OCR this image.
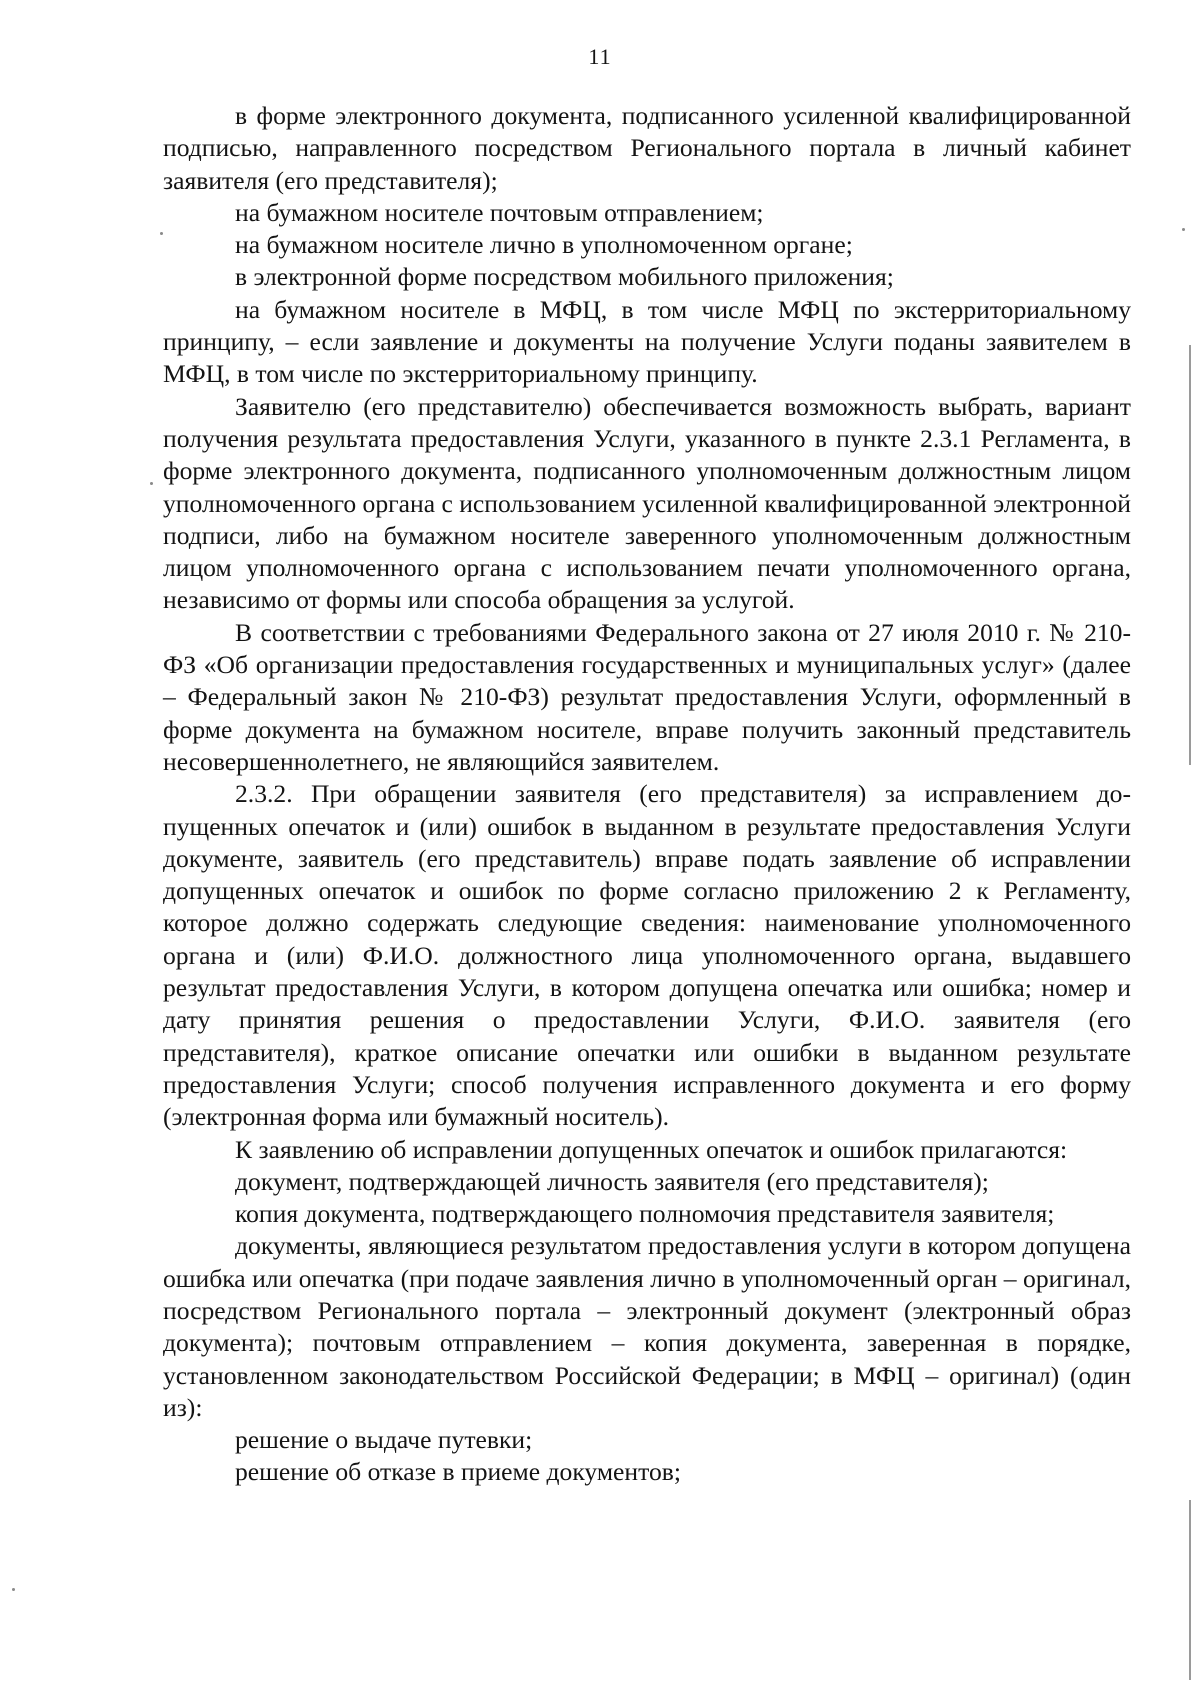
11

в форме электронного документа, подписанного усиленной квалифицированной подписью, направленного посредством Регионального портала в личный кабинет заявителя (его представителя);

на бумажном носителе почтовым отправлением;

на бумажном носителе лично в уполномоченном органе;

в электронной форме посредством мобильного приложения;

на бумажном носителе в МФЦ, в том числе МФЦ по экстерриториальному принципу, – если заявление и документы на получение Услуги поданы заявителем в МФЦ, в том числе по экстерриториальному принципу.

Заявителю (его представителю) обеспечивается возможность выбрать, вариант получения результата предоставления Услуги, указанного в пункте 2.3.1 Регламента, в форме электронного документа, подписанного уполномоченным должностным лицом уполномоченного органа с использованием усиленной квалифицированной электронной подписи, либо на бумажном носителе заверенного уполномоченным должностным лицом уполномоченного органа с использованием печати уполномоченного органа, независимо от формы или способа обращения за услугой.

В соответствии с требованиями Федерального закона от 27 июля 2010 г. № 210-ФЗ «Об организации предоставления государственных и муниципальных услуг» (далее – Федеральный закон № 210-ФЗ) результат предоставления Услуги, оформленный в форме документа на бумажном носителе, вправе получить законный представитель несовершеннолетнего, не являющийся заявителем.

2.3.2. При обращении заявителя (его представителя) за исправлением допущенных опечаток и (или) ошибок в выданном в результате предоставления Услуги документе, заявитель (его представитель) вправе подать заявление об исправлении допущенных опечаток и ошибок по форме согласно приложению 2 к Регламенту, которое должно содержать следующие сведения: наименование уполномоченного органа и (или) Ф.И.О. должностного лица уполномоченного органа, выдавшего результат предоставления Услуги, в котором допущена опечатка или ошибка; номер и дату принятия решения о предоставлении Услуги, Ф.И.О. заявителя (его представителя), краткое описание опечатки или ошибки в выданном результате предоставления Услуги; способ получения исправленного документа и его форму (электронная форма или бумажный носитель).

К заявлению об исправлении допущенных опечаток и ошибок прилагаются:

документ, подтверждающей личность заявителя (его представителя);

копия документа, подтверждающего полномочия представителя заявителя;

документы, являющиеся результатом предоставления услуги в котором допущена ошибка или опечатка (при подаче заявления лично в уполномоченный орган – оригинал, посредством Регионального портала – электронный документ (электронный образ документа); почтовым отправлением – копия документа, заверенная в порядке, установленном законодательством Российской Федерации; в МФЦ – оригинал) (один из):

решение о выдаче путевки;

решение об отказе в приеме документов;
